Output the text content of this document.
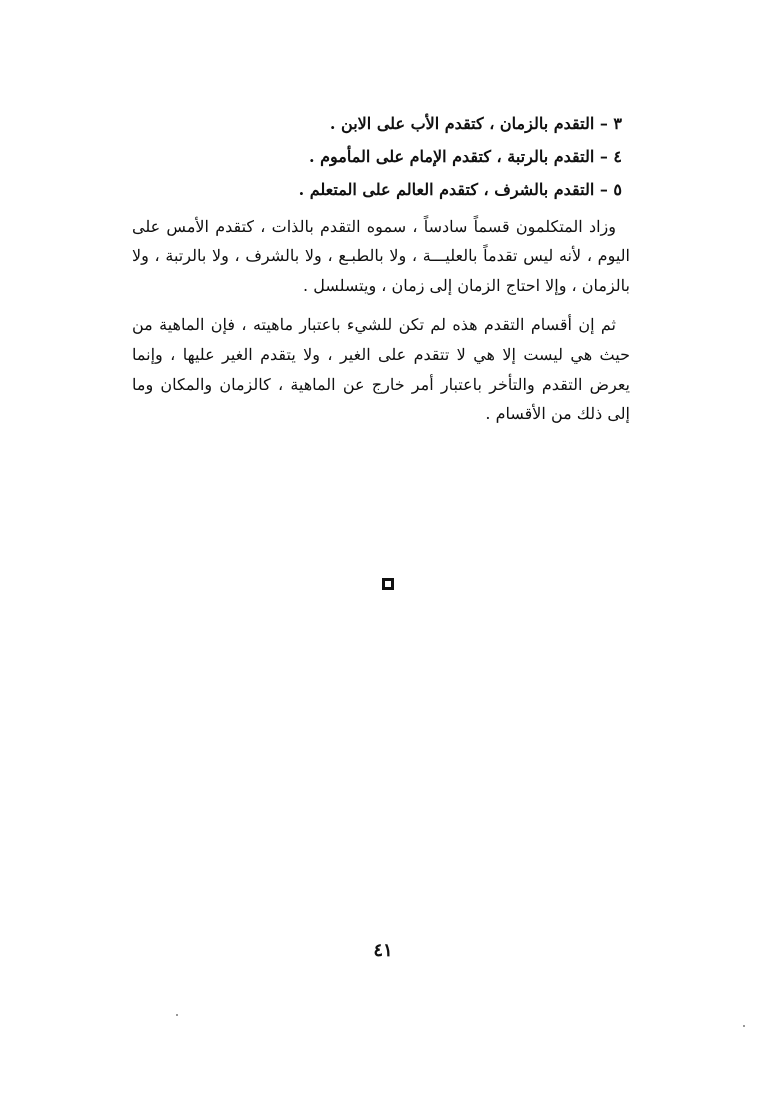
٣ – التقدم بالزمان ، كتقدم الأب على الابن .
٤ – التقدم بالرتبة ، كتقدم الإمام على المأموم .
٥ – التقدم بالشرف ، كتقدم العالم على المتعلم .

وزاد المتكلمون قسماً سادساً ، سموه التقدم بالذات ، كتقدم الأمس على اليوم ، لأنه ليس تقدماً بالعليـــة ، ولا بالطبـع ، ولا بالشرف ، ولا بالرتبة ، ولا بالزمان ، وإلا احتاج الزمان إلى زمان ، ويتسلسل .

ثم إن أقسام التقدم هذه لم تكن للشيء باعتبار ماهيته ، فإن الماهية من حيث هي ليست إلا هي لا تتقدم على الغير ، ولا يتقدم الغير عليها ، وإنما يعرض التقدم والتأخر باعتبار أمر خارج عن الماهية ، كالزمان والمكان وما إلى ذلك من الأقسام .

٤١
